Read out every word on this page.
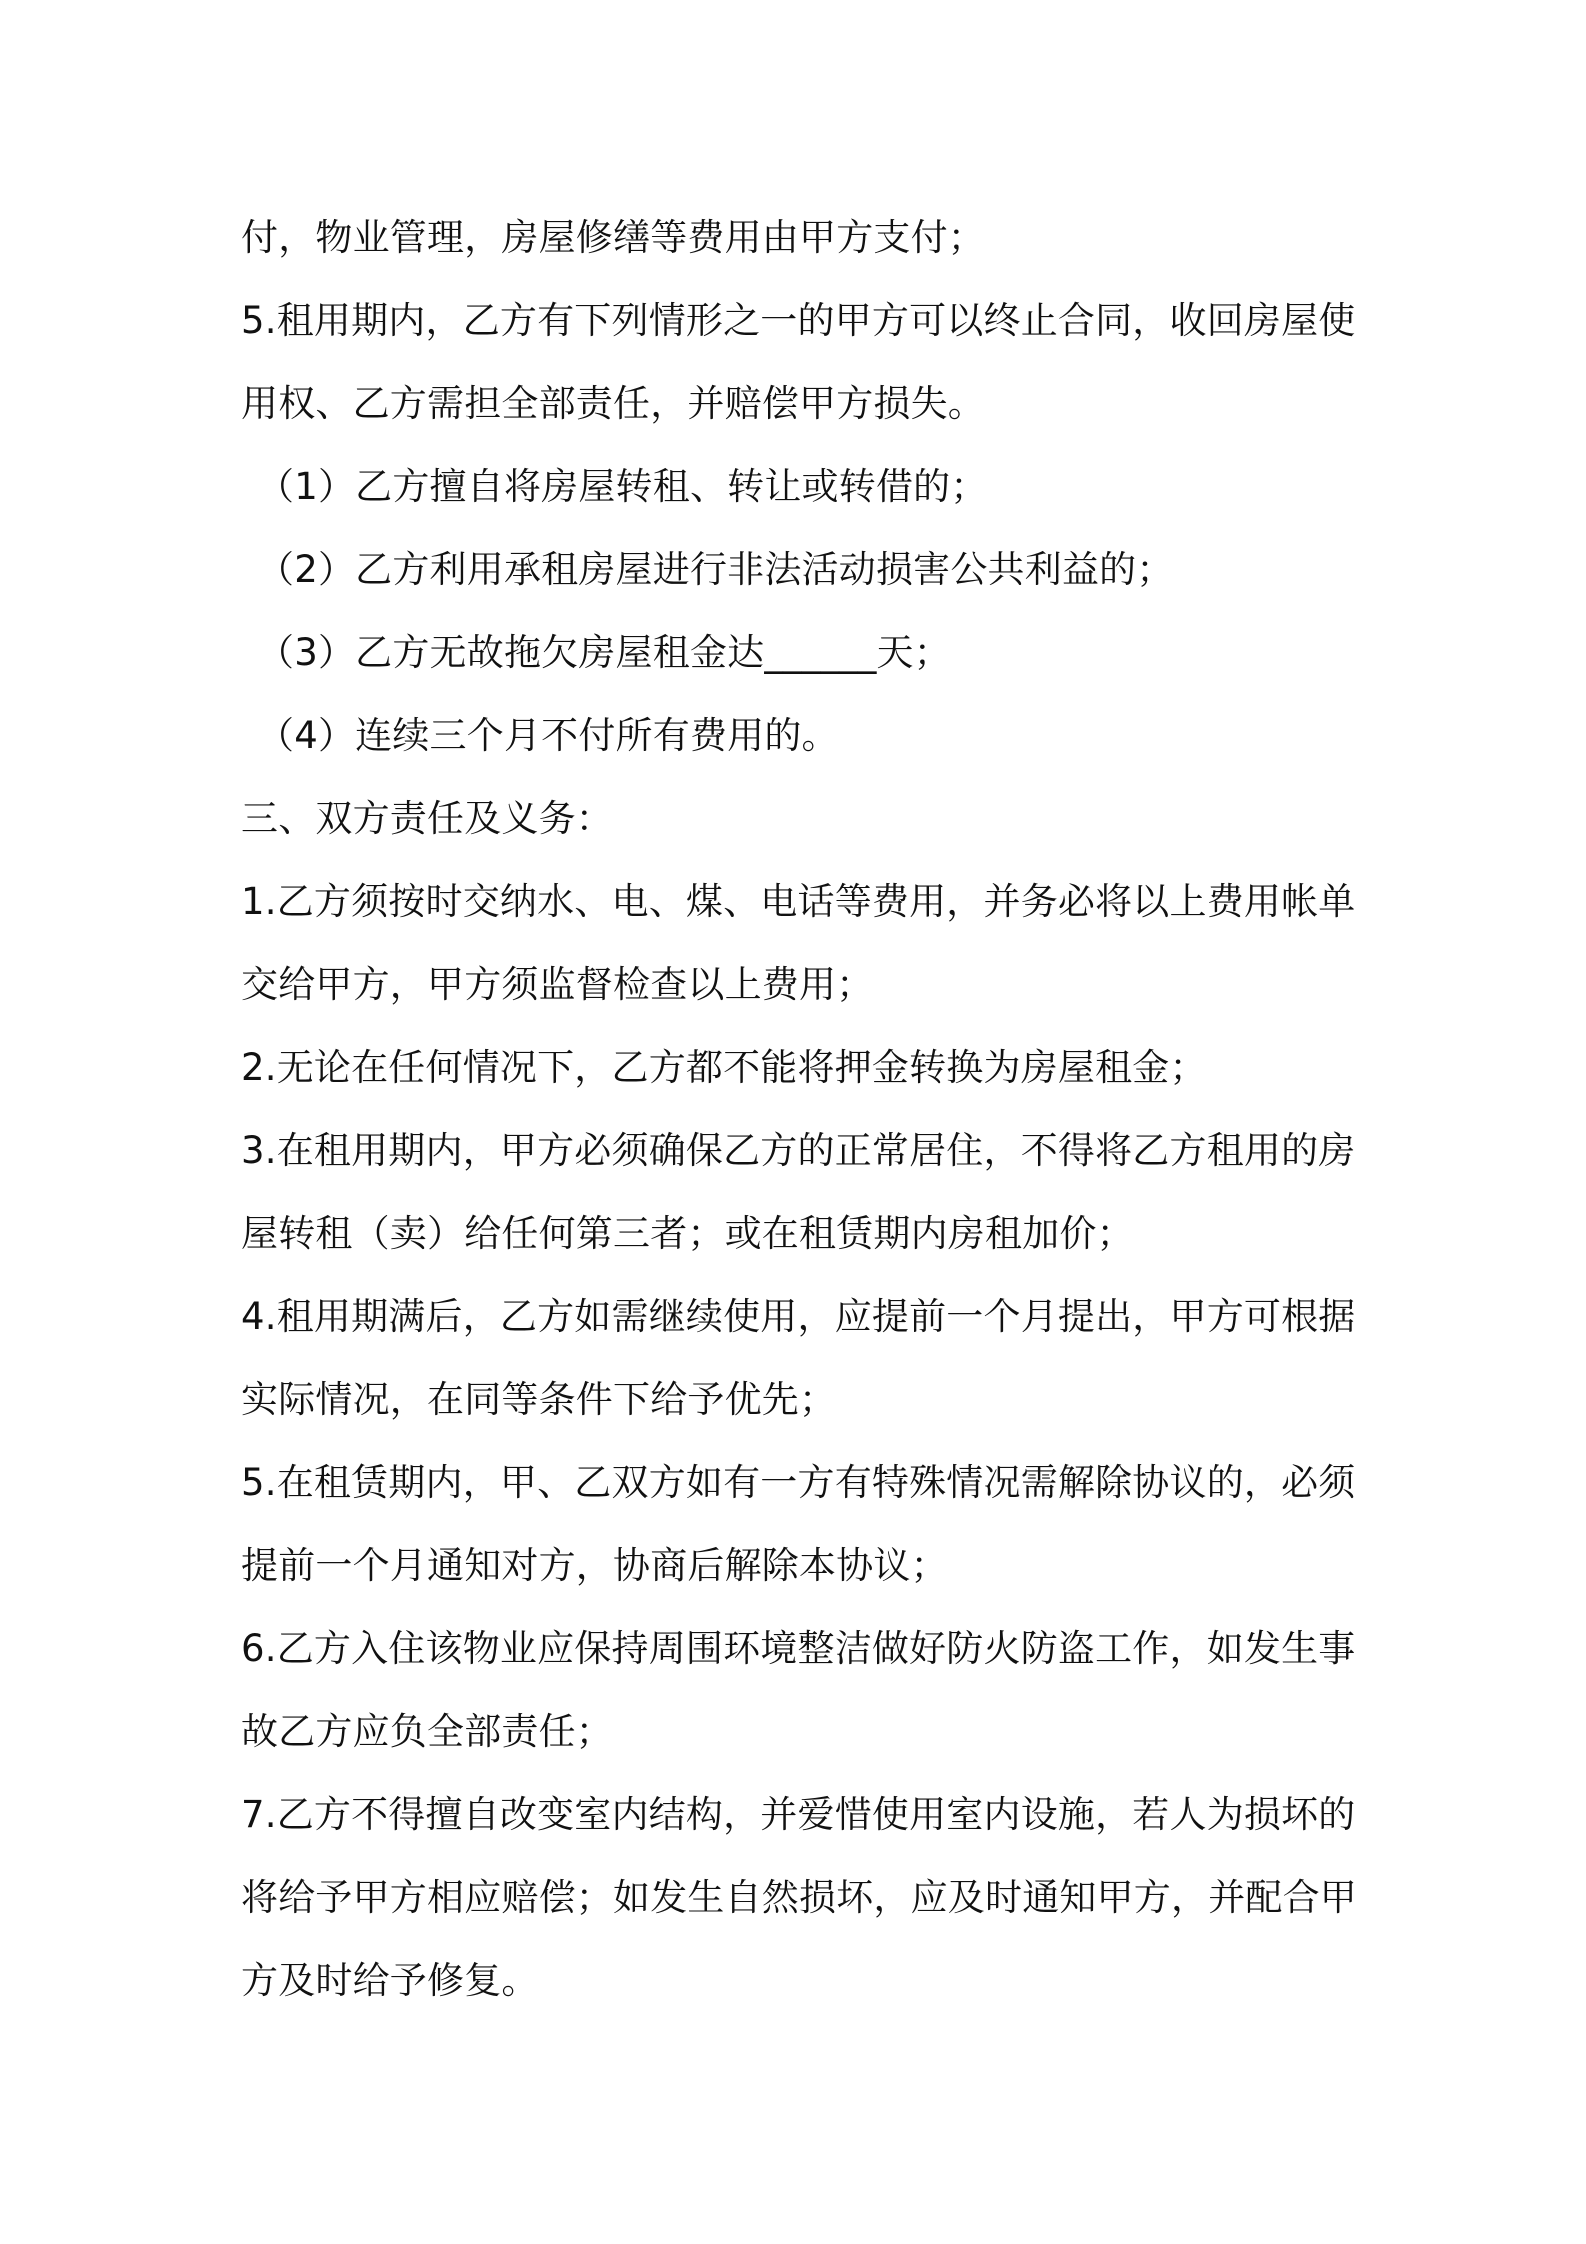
付，物业管理，房屋修缮等费用由甲方支付；
5.租用期内，乙方有下列情形之一的甲方可以终止合同，收回房屋使
用权、乙方需担全部责任，并赔偿甲方损失。
（1）乙方擅自将房屋转租、转让或转借的；
（2）乙方利用承租房屋进行非法活动损害公共利益的；
（3）乙方无故拖欠房屋租金达______天；
（4）连续三个月不付所有费用的。
三、双方责任及义务：
1.乙方须按时交纳水、电、煤、电话等费用，并务必将以上费用帐单
交给甲方，甲方须监督检查以上费用；
2.无论在任何情况下，乙方都不能将押金转换为房屋租金；
3.在租用期内，甲方必须确保乙方的正常居住，不得将乙方租用的房
屋转租（卖）给任何第三者；或在租赁期内房租加价；
4.租用期满后，乙方如需继续使用，应提前一个月提出，甲方可根据
实际情况，在同等条件下给予优先；
5.在租赁期内，甲、乙双方如有一方有特殊情况需解除协议的，必须
提前一个月通知对方，协商后解除本协议；
6.乙方入住该物业应保持周围环境整洁做好防火防盗工作，如发生事
故乙方应负全部责任；
7.乙方不得擅自改变室内结构，并爱惜使用室内设施，若人为损坏的
将给予甲方相应赔偿；如发生自然损坏，应及时通知甲方，并配合甲
方及时给予修复。
